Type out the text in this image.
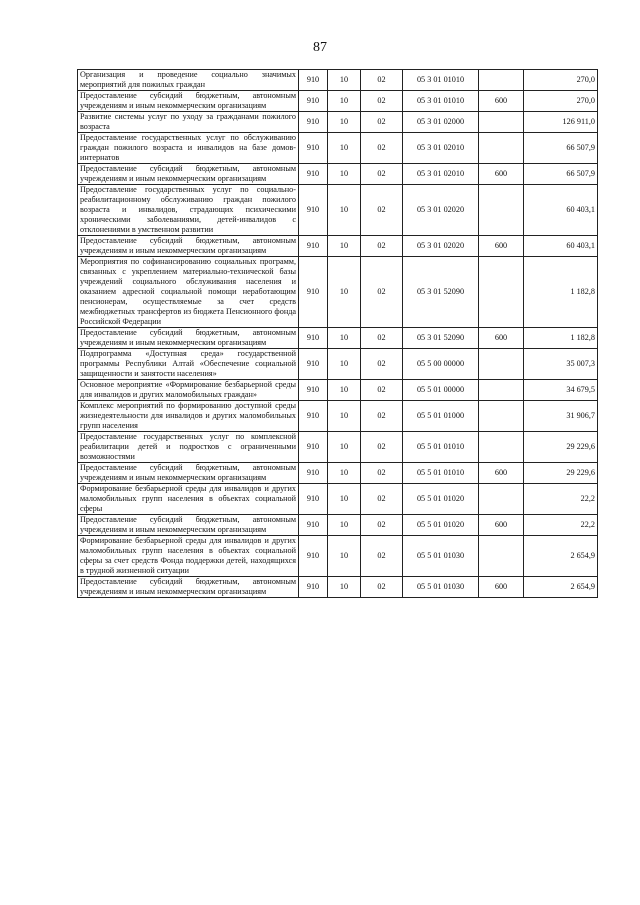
87
Организация и проведение социально значимых мероприятий для пожилых граждан	910	10	02	05 3 01 01010		270,0
Предоставление субсидий бюджетным, автономным учреждениям и иным некоммерческим организациям	910	10	02	05 3 01 01010	600	270,0
Развитие системы услуг по уходу за гражданами пожилого возраста	910	10	02	05 3 01 02000		126 911,0
Предоставление государственных услуг по обслуживанию граждан пожилого возраста и инвалидов на базе домов-интернатов	910	10	02	05 3 01 02010		66 507,9
Предоставление субсидий бюджетным, автономным учреждениям и иным некоммерческим организациям	910	10	02	05 3 01 02010	600	66 507,9
Предоставление государственных услуг по социально-реабилитационному обслуживанию граждан пожилого возраста и инвалидов, страдающих психическими хроническими заболеваниями, детей-инвалидов с отклонениями в умственном развитии	910	10	02	05 3 01 02020		60 403,1
Предоставление субсидий бюджетным, автономным учреждениям и иным некоммерческим организациям	910	10	02	05 3 01 02020	600	60 403,1
Мероприятия по софинансированию социальных программ, связанных с укреплением материально-технической базы учреждений социального обслуживания населения и оказанием адресной социальной помощи неработающим пенсионерам, осуществляемые за счет средств межбюджетных трансфертов из бюджета Пенсионного фонда Российской Федерации	910	10	02	05 3 01 52090		1 182,8
Предоставление субсидий бюджетным, автономным учреждениям и иным некоммерческим организациям	910	10	02	05 3 01 52090	600	1 182,8
Подпрограмма «Доступная среда» государственной программы Республики Алтай «Обеспечение социальной защищенности и занятости населения»	910	10	02	05 5 00 00000		35 007,3
Основное мероприятие «Формирование безбарьерной среды для инвалидов и других маломобильных граждан»	910	10	02	05 5 01 00000		34 679,5
Комплекс мероприятий по формированию доступной среды жизнедеятельности для инвалидов и других маломобильных групп населения	910	10	02	05 5 01 01000		31 906,7
Предоставление государственных услуг по комплексной реабилитации детей и подростков с ограниченными возможностями	910	10	02	05 5 01 01010		29 229,6
Предоставление субсидий бюджетным, автономным учреждениям и иным некоммерческим организациям	910	10	02	05 5 01 01010	600	29 229,6
Формирование безбарьерной среды для инвалидов и других маломобильных групп населения в объектах социальной сферы	910	10	02	05 5 01 01020		22,2
Предоставление субсидий бюджетным, автономным учреждениям и иным некоммерческим организациям	910	10	02	05 5 01 01020	600	22,2
Формирование безбарьерной среды для инвалидов и других маломобильных групп населения в объектах социальной сферы за счет средств Фонда поддержки детей, находящихся в трудной жизненной ситуации	910	10	02	05 5 01 01030		2 654,9
Предоставление субсидий бюджетным, автономным учреждениям и иным некоммерческим организациям	910	10	02	05 5 01 01030	600	2 654,9
